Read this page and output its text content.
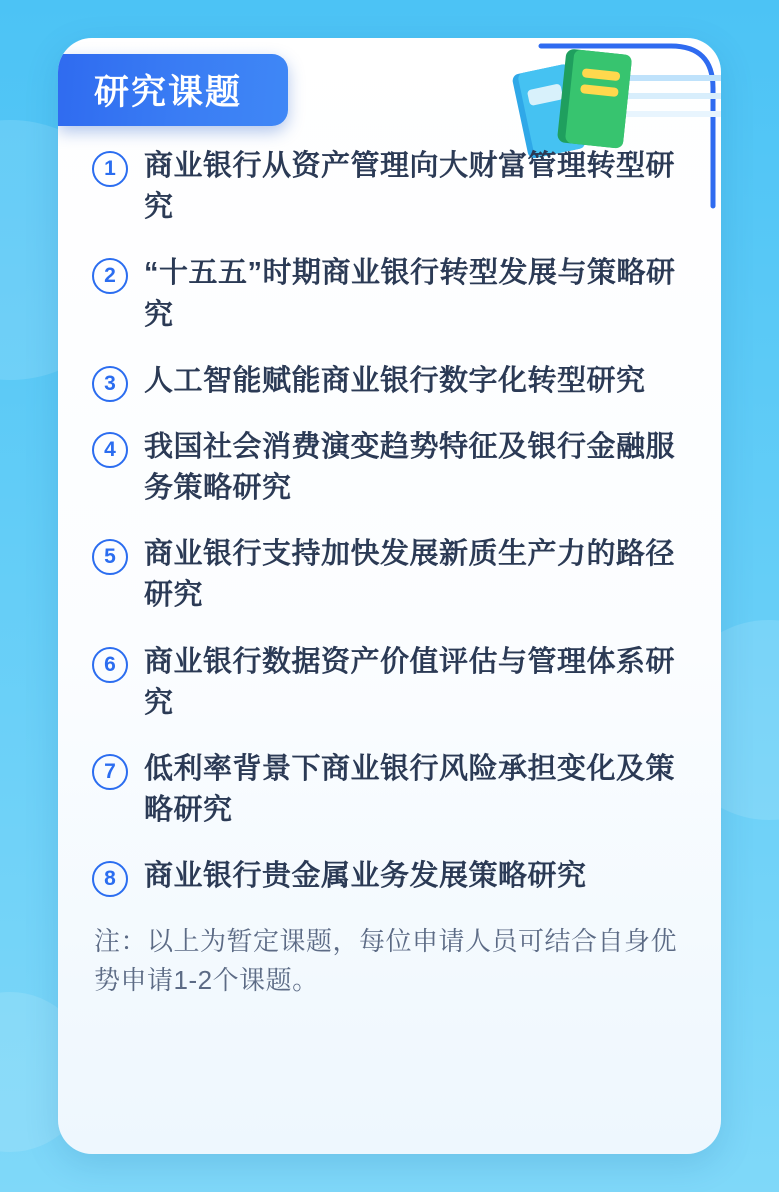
研究课题
1 商业银行从资产管理向大财富管理转型研究
2 “十五五”时期商业银行转型发展与策略研究
3 人工智能赋能商业银行数字化转型研究
4 我国社会消费演变趋势特征及银行金融服务策略研究
5 商业银行支持加快发展新质生产力的路径研究
6 商业银行数据资产价值评估与管理体系研究
7 低利率背景下商业银行风险承担变化及策略研究
8 商业银行贵金属业务发展策略研究
注：以上为暂定课题，每位申请人员可结合自身优势申请1-2个课题。
